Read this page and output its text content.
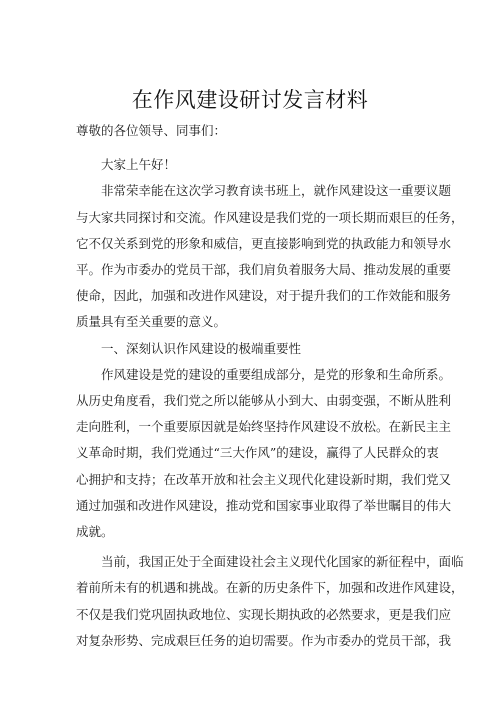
在作风建设研讨发言材料

尊敬的各位领导、同事们：

大家上午好！

非常荣幸能在这次学习教育读书班上，就作风建设这一重要议题
与大家共同探讨和交流。作风建设是我们党的一项长期而艰巨的任务，
它不仅关系到党的形象和威信，更直接影响到党的执政能力和领导水
平。作为市委办的党员干部，我们肩负着服务大局、推动发展的重要
使命，因此，加强和改进作风建设，对于提升我们的工作效能和服务
质量具有至关重要的意义。

一、深刻认识作风建设的极端重要性

作风建设是党的建设的重要组成部分，是党的形象和生命所系。
从历史角度看，我们党之所以能够从小到大、由弱变强，不断从胜利
走向胜利，一个重要原因就是始终坚持作风建设不放松。在新民主主
义革命时期，我们党通过“三大作风”的建设，赢得了人民群众的衷
心拥护和支持；在改革开放和社会主义现代化建设新时期，我们党又
通过加强和改进作风建设，推动党和国家事业取得了举世瞩目的伟大
成就。

当前，我国正处于全面建设社会主义现代化国家的新征程中，面临
着前所未有的机遇和挑战。在新的历史条件下，加强和改进作风建设，
不仅是我们党巩固执政地位、实现长期执政的必然要求，更是我们应
对复杂形势、完成艰巨任务的迫切需要。作为市委办的党员干部，我
